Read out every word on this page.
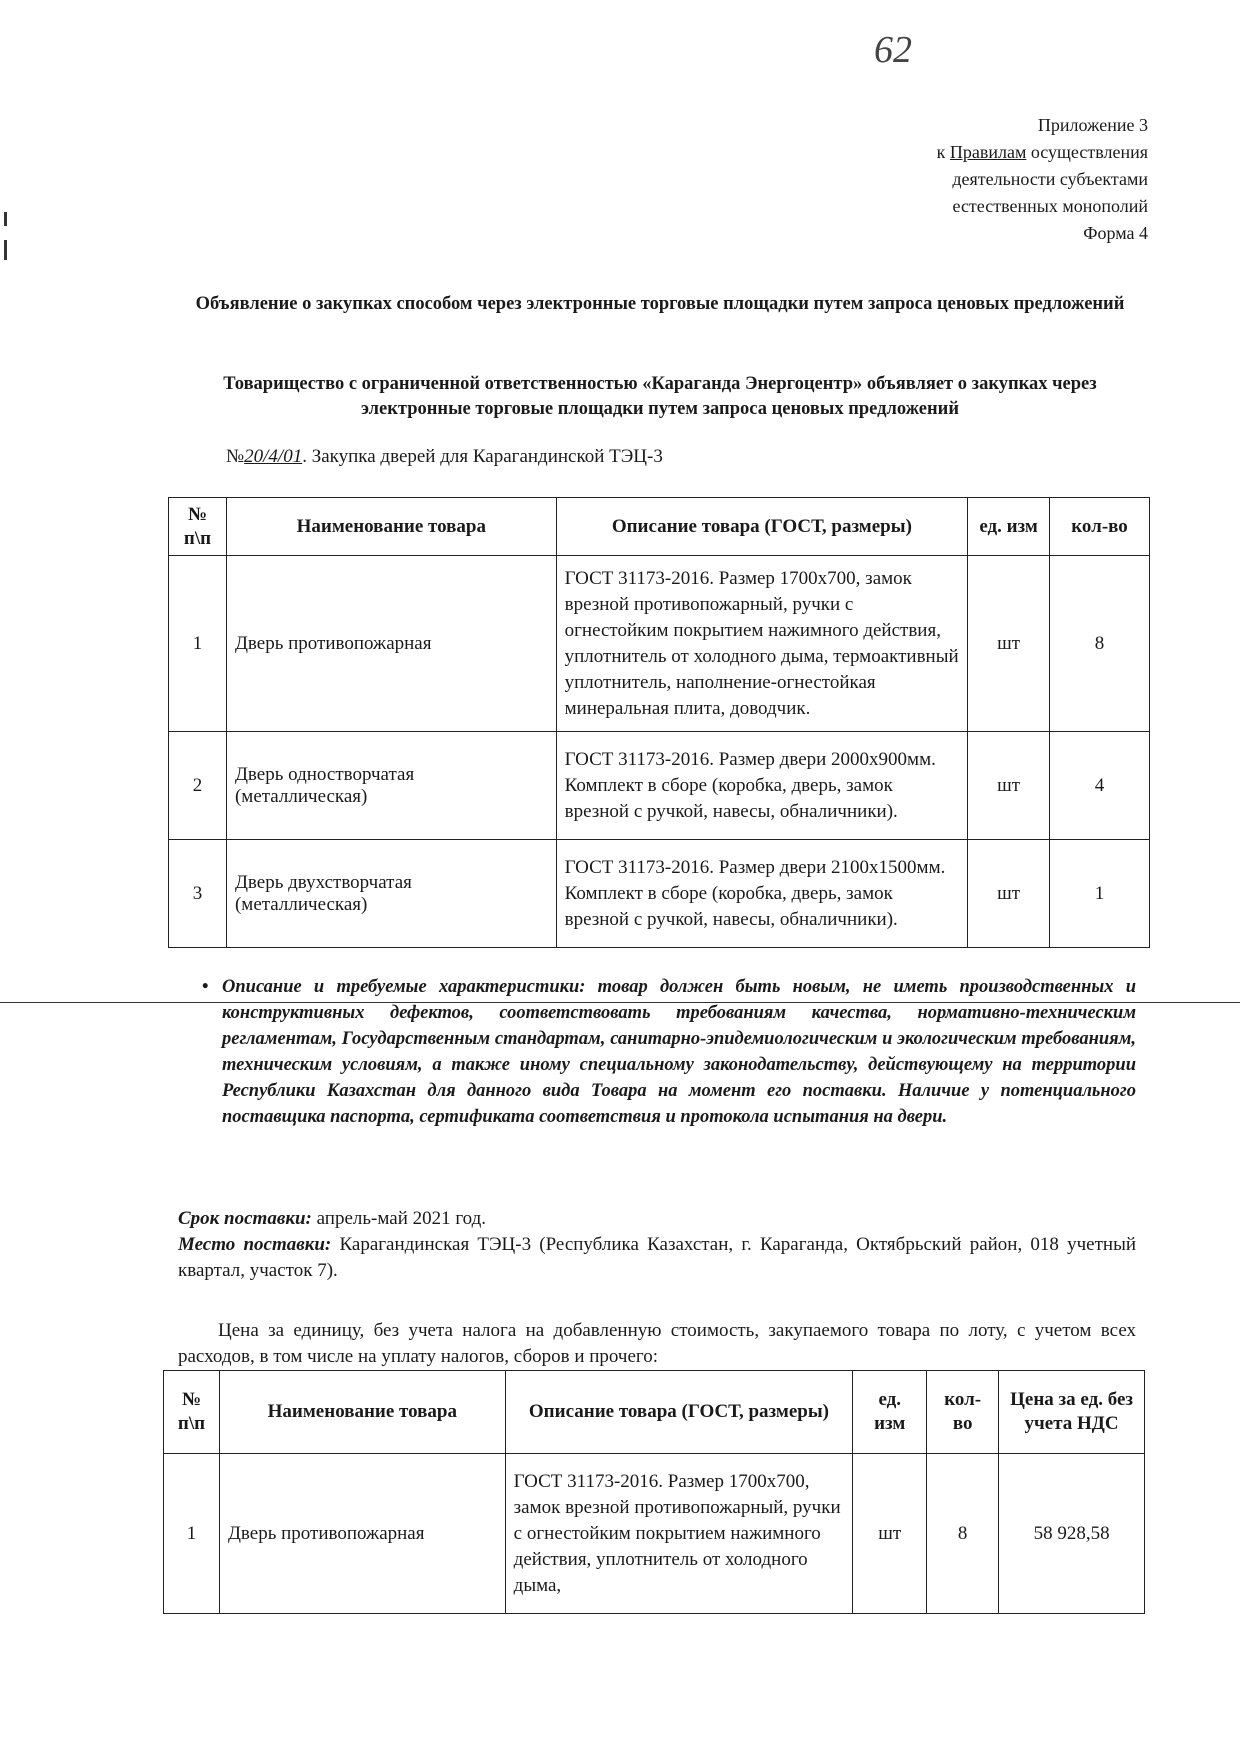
62
Приложение 3
к Правилам осуществления
деятельности субъектами
естественных монополий
Форма 4
Объявление о закупках способом через электронные торговые площадки путем запроса ценовых предложений
Товарищество с ограниченной ответственностью «Караганда Энергоцентр» объявляет о закупках через электронные торговые площадки путем запроса ценовых предложений
№20/4/01. Закупка дверей для Карагандинской ТЭЦ-3
№ п\п	Наименование товара	Описание товара (ГОСТ, размеры)	ед. изм	кол-во
1	Дверь противопожарная	ГОСТ 31173-2016. Размер 1700х700, замок врезной противопожарный, ручки с огнестойким покрытием нажимного действия, уплотнитель от холодного дыма, термоактивный уплотнитель, наполнение-огнестойкая минеральная плита, доводчик.	шт	8
2	Дверь одностворчатая (металлическая)	ГОСТ 31173-2016. Размер двери 2000х900мм. Комплект в сборе (коробка, дверь, замок врезной с ручкой, навесы, обналичники).	шт	4
3	Дверь двухстворчатая (металлическая)	ГОСТ 31173-2016. Размер двери 2100х1500мм. Комплект в сборе (коробка, дверь, замок врезной с ручкой, навесы, обналичники).	шт	1
• Описание и требуемые характеристики: товар должен быть новым, не иметь производственных и конструктивных дефектов, соответствовать требованиям качества, нормативно-техническим регламентам, Государственным стандартам, санитарно-эпидемиологическим и экологическим требованиям, техническим условиям, а также иному специальному законодательству, действующему на территории Республики Казахстан для данного вида Товара на момент его поставки. Наличие у потенциального поставщика паспорта, сертификата соответствия и протокола испытания на двери.
Срок поставки: апрель-май 2021 год.
Место поставки: Карагандинская ТЭЦ-3 (Республика Казахстан, г. Караганда, Октябрьский район, 018 учетный квартал, участок 7).
Цена за единицу, без учета налога на добавленную стоимость, закупаемого товара по лоту, с учетом всех расходов, в том числе на уплату налогов, сборов и прочего:
№ п\п	Наименование товара	Описание товара (ГОСТ, размеры)	ед. изм	кол-во	Цена за ед. без учета НДС
1	Дверь противопожарная	ГОСТ 31173-2016. Размер 1700х700, замок врезной противопожарный, ручки с огнестойким покрытием нажимного действия, уплотнитель от холодного дыма,	шт	8	58 928,58
